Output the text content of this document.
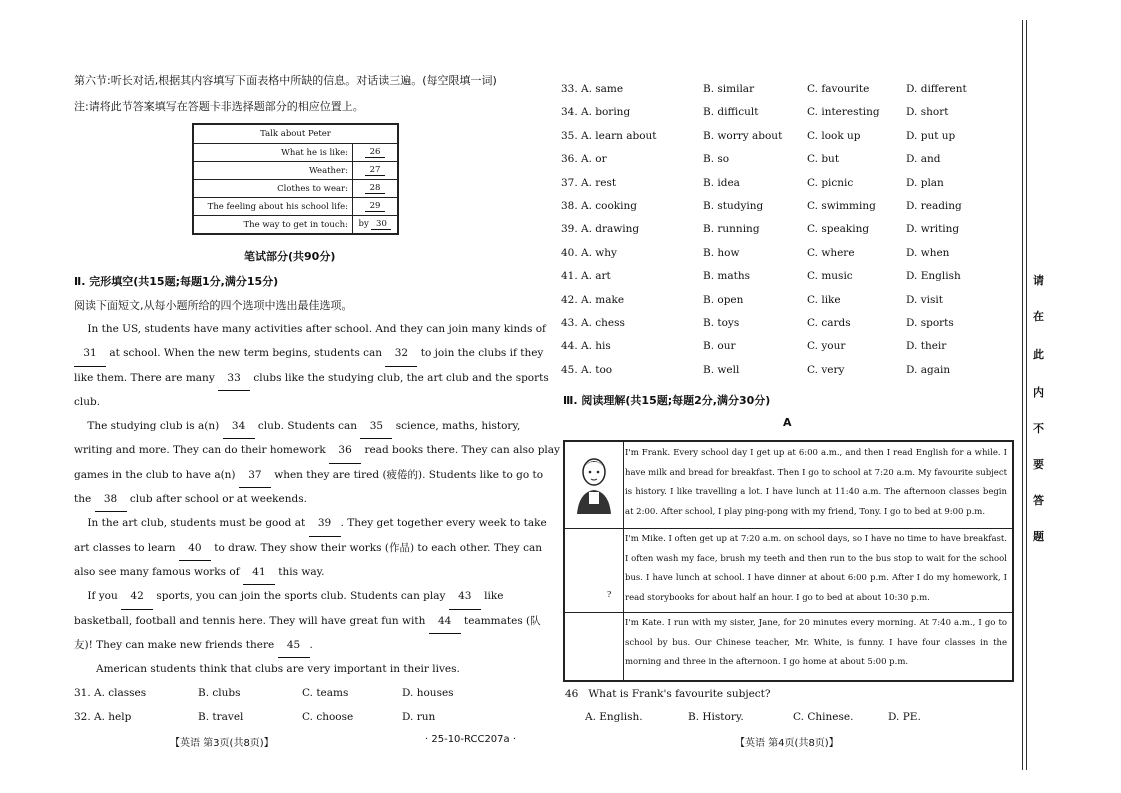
第六节:听长对话,根据其内容填写下面表格中所缺的信息。对话读三遍。(每空限填一词)
注:请将此节答案填写在答题卡非选择题部分的相应位置上。
Talk about Peter	
What he is like:	26
Weather:	27
Clothes to wear:	28
The feeling about his school life:	29
The way to get in touch:	by 30
笔试部分(共90分)
Ⅱ. 完形填空(共15题;每题1分,满分15分)
阅读下面短文,从每小题所给的四个选项中选出最佳选项。
In the US, students have many activities after school. And they can join many kinds of
31 at school. When the new term begins, students can 32 to join the clubs if they
like them. There are many 33 clubs like the studying club, the art club and the sports
club.
The studying club is a(n) 34 club. Students can 35 science, maths, history,
writing and more. They can do their homework 36 read books there. They can also play
games in the club to have a(n) 37 when they are tired (疲倦的). Students like to go to
the 38 club after school or at weekends.
In the art club, students must be good at 39 . They get together every week to take
art classes to learn 40 to draw. They show their works (作品) to each other. They can
also see many famous works of 41 this way.
If you 42 sports, you can join the sports club. Students can play 43 like
basketball, football and tennis here. They will have great fun with 44 teammates (队
友)! They can make new friends there 45 .
American students think that clubs are very important in their lives.
31. A. classes	B. clubs	C. teams	D. houses
32. A. help	B. travel	C. choose	D. run
【英语 第3页(共8页)】	· 25-10-RCC207a ·
33. A. same	B. similar	C. favourite	D. different
34. A. boring	B. difficult	C. interesting	D. short
35. A. learn about	B. worry about C. look up	D. put up
36. A. or	B. so	C. but	D. and
37. A. rest	B. idea	C. picnic	D. plan
38. A. cooking	B. studying	C. swimming	D. reading
39. A. drawing	B. running	C. speaking	D. writing
40. A. why	B. how	C. where	D. when
41. A. art	B. maths	C. music	D. English
42. A. make	B. open	C. like	D. visit
43. A. chess	B. toys	C. cards	D. sports
44. A. his	B. our	C. your	D. their
45. A. too	B. well	C. very	D. again
Ⅲ. 阅读理解(共15题;每题2分,满分30分)
A
I'm Frank. Every school day I get up at 6:00 a.m., and then I read English for a while. I have milk and bread for breakfast. Then I go to school at 7:20 a.m. My favourite subject is history. I like travelling a lot. I have lunch at 11:40 a.m. The afternoon classes begin at 2:00. After school, I play ping-pong with my friend, Tony. I go to bed at 9:00 p.m.
?
I'm Mike. I often get up at 7:20 a.m. on school days, so I have no time to have breakfast. I often wash my face, brush my teeth and then run to the bus stop to wait for the school bus. I have lunch at school. I have dinner at about 6:00 p.m. After I do my homework, I read storybooks for about half an hour. I go to bed at about 10:30 p.m.
I'm Kate. I run with my sister, Jane, for 20 minutes every morning. At 7:40 a.m., I go to school by bus. Our Chinese teacher, Mr. White, is funny. I have four classes in the morning and three in the afternoon. I go home at about 5:00 p.m.
46 What is Frank's favourite subject?
A. English.	B. History.	C. Chinese.	D. PE.
【英语 第4页(共8页)】
请
在
此
内
不
要
答
题
